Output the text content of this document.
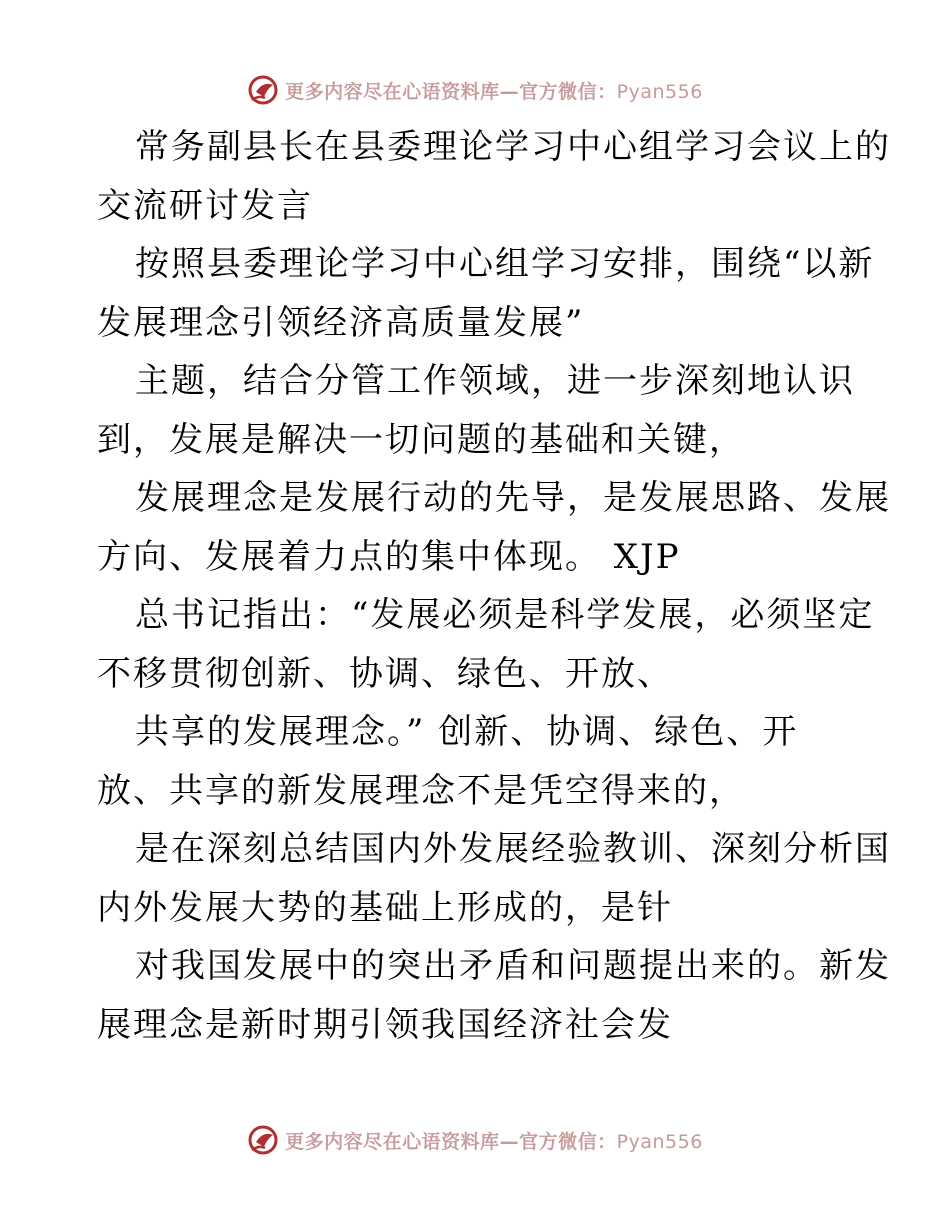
更多内容尽在心语资料库—官方微信：Pyan556
常务副县长在县委理论学习中心组学习会议上的
交流研讨发言
按照县委理论学习中心组学习安排，围绕“以新
发展理念引领经济高质量发展”
主题，结合分管工作领域，进一步深刻地认识
到，发展是解决一切问题的基础和关键，
发展理念是发展行动的先导，是发展思路、发展
方向、发展着力点的集中体现。 XJP
总书记指出：“发展必须是科学发展，必须坚定
不移贯彻创新、协调、绿色、开放、
共享的发展理念。” 创新、协调、绿色、开
放、共享的新发展理念不是凭空得来的，
是在深刻总结国内外发展经验教训、深刻分析国
内外发展大势的基础上形成的，是针
对我国发展中的突出矛盾和问题提出来的。新发
展理念是新时期引领我国经济社会发
更多内容尽在心语资料库—官方微信：Pyan556
